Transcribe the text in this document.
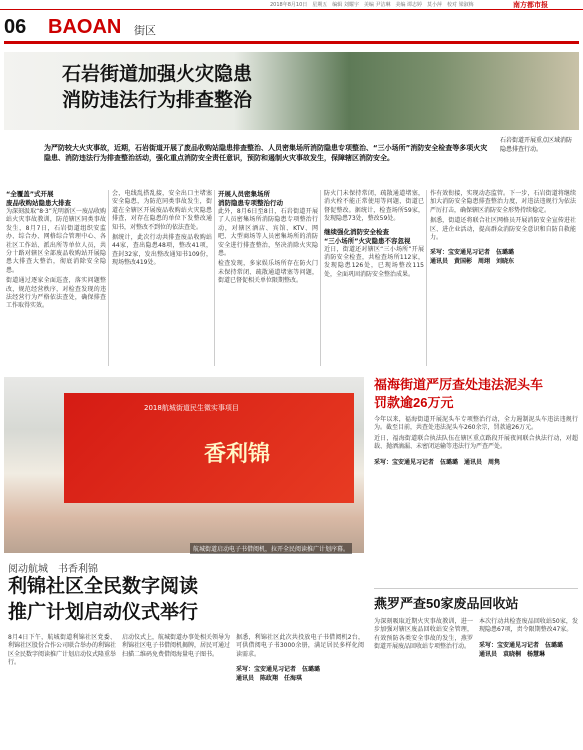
2018年8月10日　星期五　编辑 刘耀宇　美编 尹洁琳　美编 谭志婷　莫小萍　校对 梁淑梅	南方都市报
06 BAOAN 街区
石岩街道加强火灾隐患
消防违法行为排查整治
石岩街道开展重点区域消防隐患排查行动。
为严防较大火灾事故，近期，石岩街道开展了废品收购站隐患排查整治、人员密集场所消防隐患专项整治、“三小场所”消防安全检查等多项火灾隐患、消防违法行为排查整治活动，强化重点消防安全责任意识，预防和遏制火灾事故发生，保障辖区消防安全。
“全覆盖”式开展
废品收购站隐患大排查

为深刻汲取“8·3”光明新区一废品收购站火灾事故教训，防范辖区同类事故发生，8月7日，石岩街道组织安监办、综合办、网格综合管理中心、各社区工作站、派出所等单位人员，共分十路对辖区全部废品收购站开展隐患大排查大整治，彻底消除安全隐患。

街道通过逐家全面巡查，落实问题整改，规范经营秩序，对检查发现的违法经营行为严格依法查处，确保排查工作取得实效。

会，电线乱搭乱接，安全出口主堵塞安全隐患，为防范同类事故发生，街道在全辖区开展废品收购站火灾隐患排查，对存在隐患的单位下发整改通知书，对整改不到位的依法查处。

据统计，此次行动共排查废品收购站44家，查出隐患48项，整改41项，查封32家，发出整改通知书109份，现场整改419处。

开展人员密集场所
消防隐患专项整治行动

此外，8月6日至8日，石岩街道开展了人员密集场所消防隐患专项整治行动，对辖区酒店、宾馆、KTV、网吧、大型商场等人员密集场所的消防安全进行排查整治，坚决消除火灾隐患。

检查发现，多家娱乐场所存在防火门未保持常闭、疏散通道堵塞等问题，街道已督促相关单位限期整改。

防火门未保持常闭，疏散通道堵塞，消火栓不能正常使用等问题，街道已督促整改。据统计，检查场所59家，发现隐患73处，整改59处。

继续强化消防安全检查
“三小场所”火灾隐患不容忽视

近日，街道还对辖区“三小场所”开展消防安全检查，共检查场所112家，发现隐患126处，已现场整改115处，全面巩固消防安全整治成果。

作有效衔接，实现动态监管。下一步，石岩街道将继续加大消防安全隐患排查整治力度，对违法违规行为依法严厉打击，确保辖区消防安全形势持续稳定。

据悉，街道还将联合社区网格员开展消防安全宣传进社区、进企业活动，提高群众消防安全意识和自防自救能力。

采写：宝安通见习记者　伍璐璐
通讯员　黄国彬　周翊　刘晓东
2018航城街道民生微实事项目
香利锦
航城街道启动电子书借阅机，拉开全民阅读推广计划序幕。
福海街道严厉查处违法泥头车
罚款逾26万元

今年以来，福海街道开展泥头车专项整治行动，全力遏制泥头车违法违规行为。截至目前，共查处违法泥头车260余宗，罚款逾26万元。

近日，福海街道联合执法队伍在辖区重点路段开展夜间联合执法行动，对超载、抛洒滴漏、未密闭运输等违法行为严查严处。

采写：宝安通见习记者　伍璐璐　通讯员　周隽
阅动航城　书香利锦
利锦社区全民数字阅读
推广计划启动仪式举行

8月4日下午，航城街道利锦社区党委、利锦社区股份合作公司联合举办的利锦社区全民数字阅读推广计划启动仪式隆重举行。

启动仪式上，航城街道办事处相关领导为利锦社区电子书借阅机揭牌，居民可通过扫描二维码免费借阅海量电子图书。

据悉，利锦社区此次共投放电子书借阅机2台，可供借阅电子书3000余册，满足居民多样化阅读需求。

采写：宝安通见习记者　伍璐璐
通讯员　陈政翔　任海琪
燕罗严查50家废品回收站

为深刻吸取近期火灾事故教训，进一步加强对辖区废品回收站安全管理，有效预防各类安全事故的发生，燕罗街道开展废品回收站专项整治行动。

本次行动共检查废品回收站50家，发现隐患67项，责令限期整改47家。

采写：宝安通见习记者　伍璐璐
通讯员　袁晓桐　杨慧琳
